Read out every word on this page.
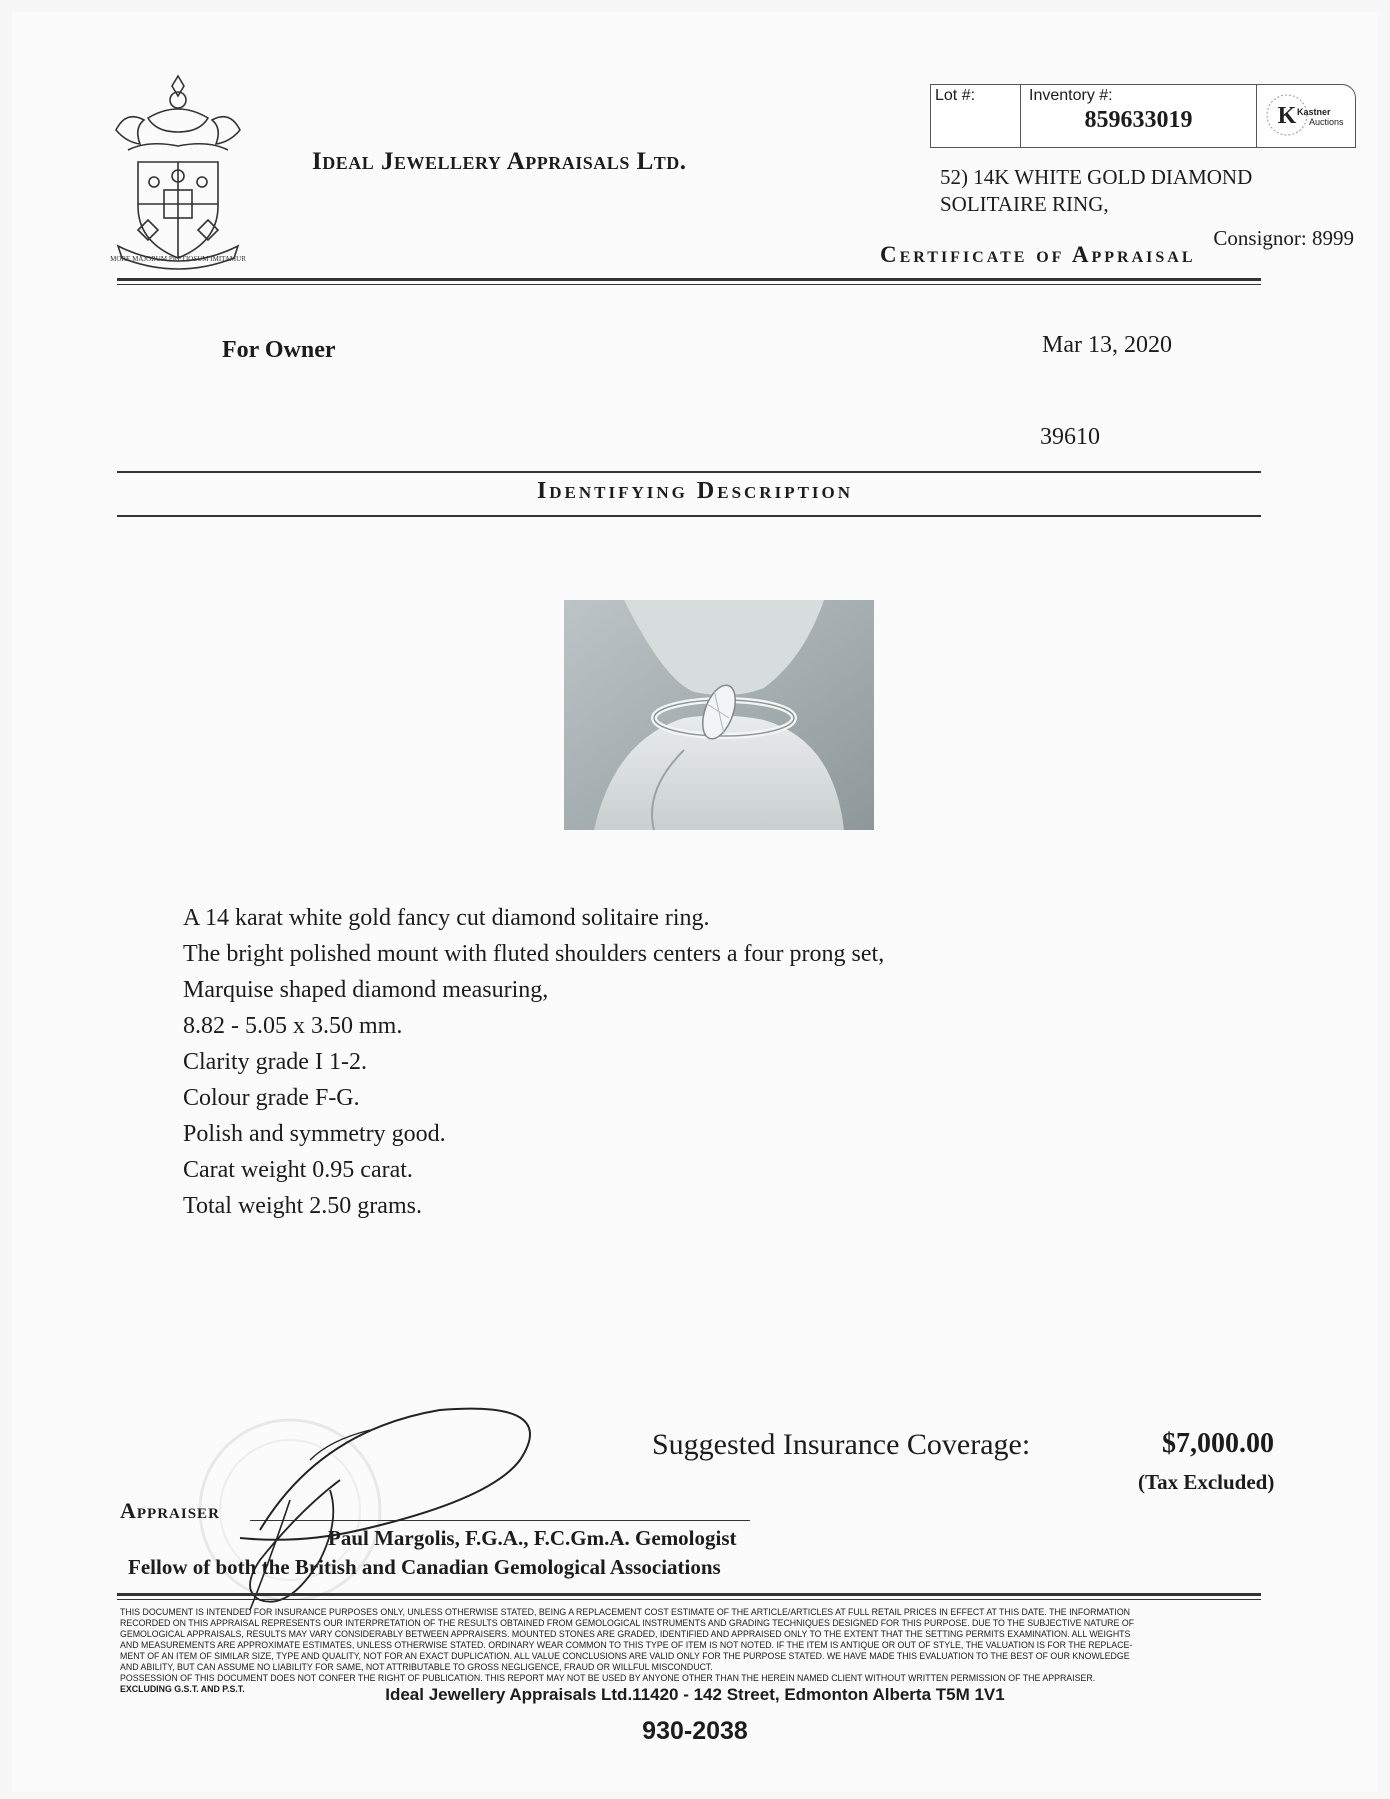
MORE MAJORUM PRETIOSUM IMITAMUR
Ideal Jewellery Appraisals Ltd.
Lot #:	Inventory #:
859633019	K Kastner
Auctions
52) 14K WHITE GOLD DIAMOND
SOLITAIRE RING,
Consignor: 8999
Certificate of Appraisal
For Owner	Mar 13, 2020
39610
Identifying Description
A 14 karat white gold fancy cut diamond solitaire ring.
The bright polished mount with fluted shoulders centers a four prong set,
Marquise shaped diamond measuring,
8.82 - 5.05 x 3.50 mm.
Clarity grade I 1-2.
Colour grade F-G.
Polish and symmetry good.
Carat weight 0.95 carat.
Total weight 2.50 grams.
Suggested Insurance Coverage:	$7,000.00
(Tax Excluded)
Appraiser
Paul Margolis, F.G.A., F.C.Gm.A. Gemologist
Fellow of both the British and Canadian Gemological Associations
THIS DOCUMENT IS INTENDED FOR INSURANCE PURPOSES ONLY, UNLESS OTHERWISE STATED, BEING A REPLACEMENT COST ESTIMATE OF THE ARTICLE/ARTICLES AT FULL RETAIL PRICES IN EFFECT AT THIS DATE. THE INFORMATION
RECORDED ON THIS APPRAISAL REPRESENTS OUR INTERPRETATION OF THE RESULTS OBTAINED FROM GEMOLOGICAL INSTRUMENTS AND GRADING TECHNIQUES DESIGNED FOR THIS PURPOSE. DUE TO THE SUBJECTIVE NATURE OF
GEMOLOGICAL APPRAISALS, RESULTS MAY VARY CONSIDERABLY BETWEEN APPRAISERS. MOUNTED STONES ARE GRADED, IDENTIFIED AND APPRAISED ONLY TO THE EXTENT THAT THE SETTING PERMITS EXAMINATION. ALL WEIGHTS
AND MEASUREMENTS ARE APPROXIMATE ESTIMATES, UNLESS OTHERWISE STATED. ORDINARY WEAR COMMON TO THIS TYPE OF ITEM IS NOT NOTED. IF THE ITEM IS ANTIQUE OR OUT OF STYLE, THE VALUATION IS FOR THE REPLACE-
MENT OF AN ITEM OF SIMILAR SIZE, TYPE AND QUALITY, NOT FOR AN EXACT DUPLICATION. ALL VALUE CONCLUSIONS ARE VALID ONLY FOR THE PURPOSE STATED. WE HAVE MADE THIS EVALUATION TO THE BEST OF OUR KNOWLEDGE
AND ABILITY, BUT CAN ASSUME NO LIABILITY FOR SAME, NOT ATTRIBUTABLE TO GROSS NEGLIGENCE, FRAUD OR WILLFUL MISCONDUCT.
POSSESSION OF THIS DOCUMENT DOES NOT CONFER THE RIGHT OF PUBLICATION. THIS REPORT MAY NOT BE USED BY ANYONE OTHER THAN THE HEREIN NAMED CLIENT WITHOUT WRITTEN PERMISSION OF THE APPRAISER.
EXCLUDING G.S.T. AND P.S.T.	Ideal Jewellery Appraisals Ltd.11420 - 142 Street, Edmonton Alberta T5M 1V1
930-2038
